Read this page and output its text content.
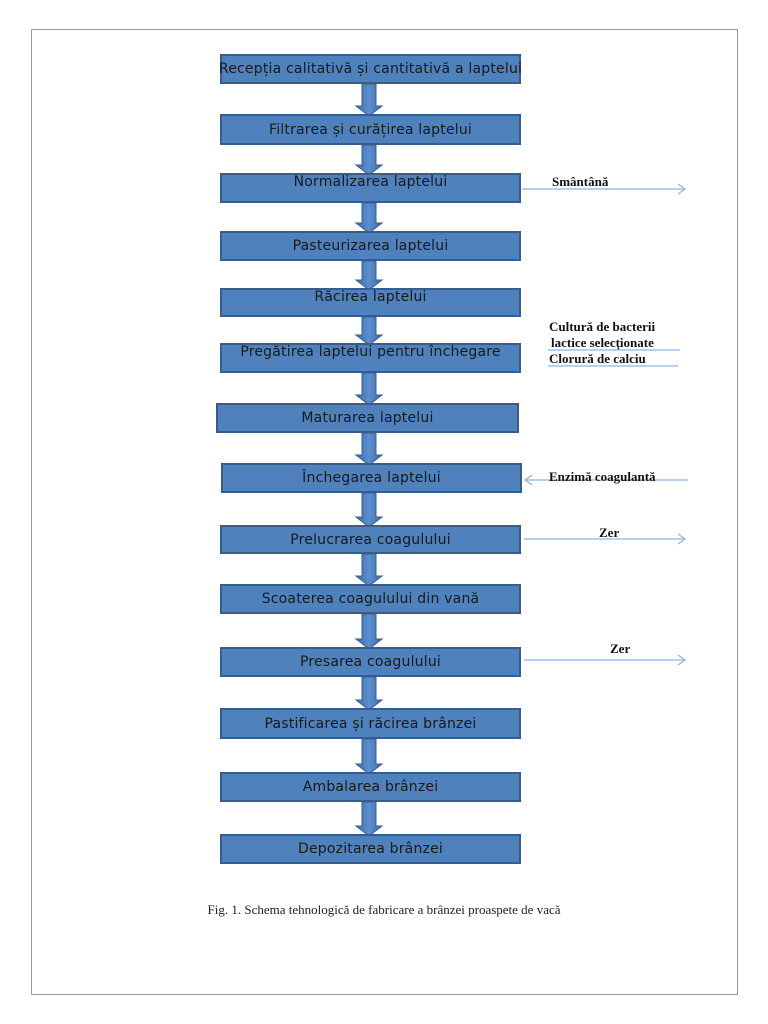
Recepția calitativă și cantitativă a laptelui
Filtrarea și curățirea laptelui
Normalizarea laptelui
Pasteurizarea laptelui
Răcirea laptelui
Pregătirea laptelui pentru închegare
Maturarea laptelui
Închegarea laptelui
Prelucrarea coagulului
Scoaterea coagulului din vană
Presarea coagulului
Pastificarea și răcirea brânzei
Ambalarea brânzei
Depozitarea brânzei
Smântână
Cultură de bacterii
lactice selecționate
Clorură de calciu
Enzimă coagulantă
Zer
Zer
Fig. 1. Schema tehnologică de fabricare a brânzei proaspete de vacă
